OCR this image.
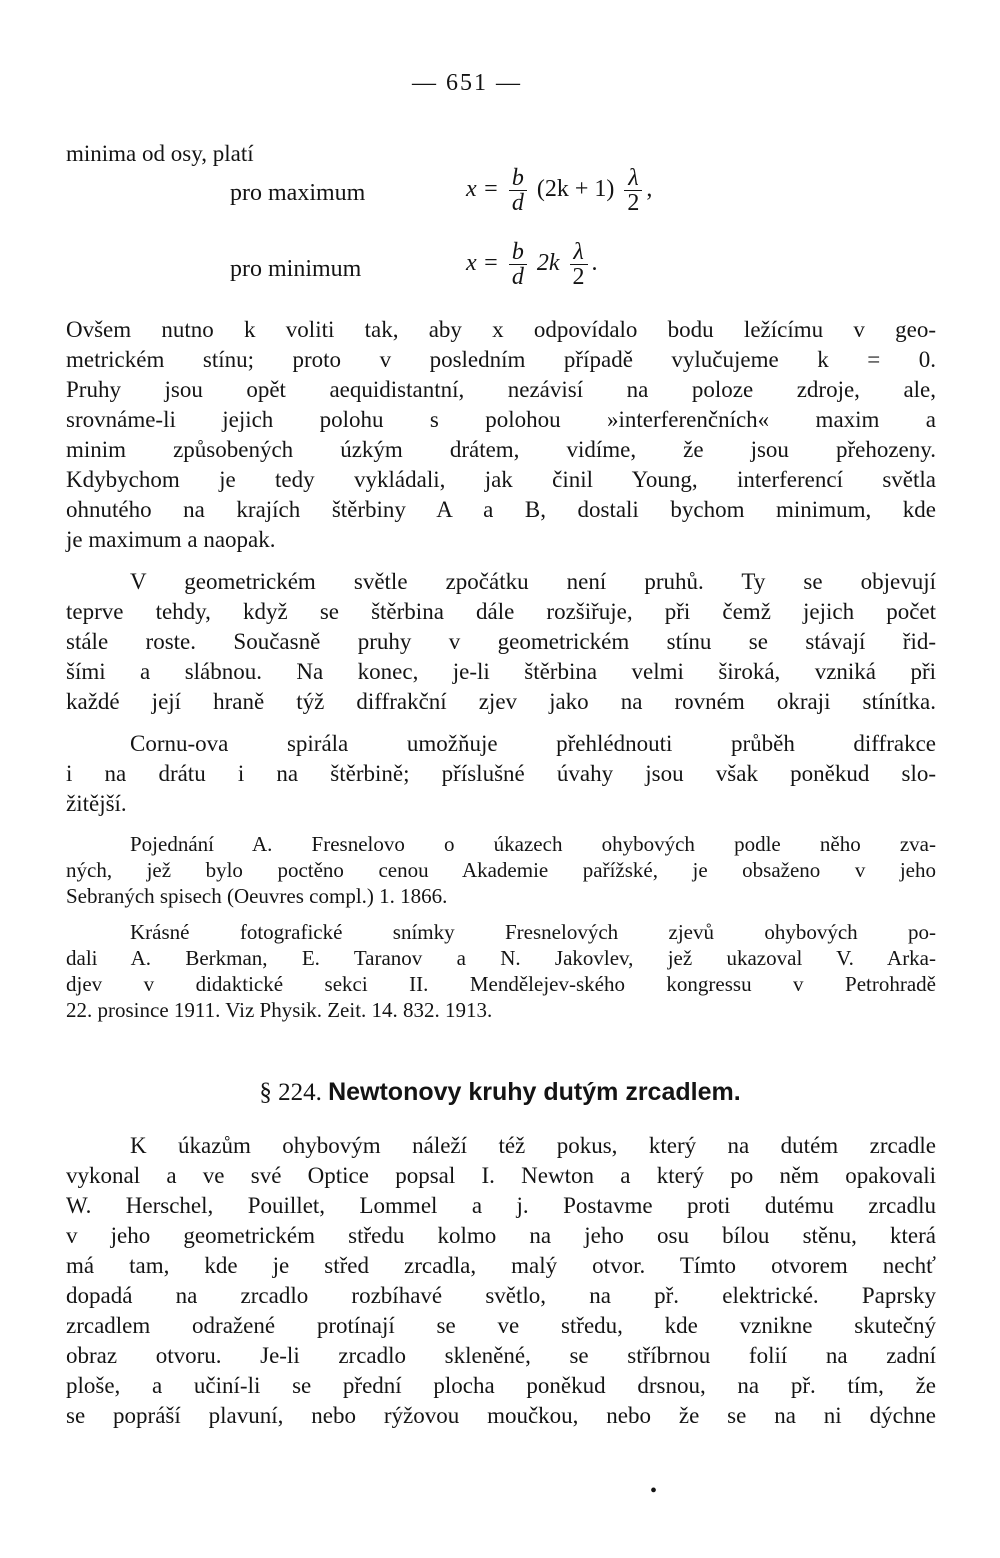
— 651 —
minima od osy, platí
pro maximum	$x = \frac{b}{d} (2k + 1) \frac{\lambda}{2}$ ,
pro minimum	$x = \frac{b}{d} 2k \frac{\lambda}{2}$ .
Ovšem nutno k voliti tak, aby x odpovídalo bodu ležícímu v geo-
metrickém stínu; proto v posledním případě vylučujeme k = 0.
Pruhy jsou opět aequidistantní, nezávisí na poloze zdroje, ale,
srovnáme-li jejich polohu s polohou »interferenčních« maxim a
minim způsobených úzkým drátem, vidíme, že jsou přehozeny.
Kdybychom je tedy vykládali, jak činil Young, interferencí světla
ohnutého na krajích štěrbiny A a B, dostali bychom minimum, kde
je maximum a naopak.
V geometrickém světle zpočátku není pruhů. Ty se objevují
teprve tehdy, když se štěrbina dále rozšiřuje, při čemž jejich počet
stále roste. Současně pruhy v geometrickém stínu se stávají řid-
šími a slábnou. Na konec, je-li štěrbina velmi široká, vzniká při
každé její hraně týž diffrakční zjev jako na rovném okraji stínítka.
Cornu-ova spirála umožňuje přehlédnouti průběh diffrakce
i na drátu i na štěrbině; příslušné úvahy jsou však poněkud slo-
žitější.
Pojednání A. Fresnelovo o úkazech ohybových podle něho zva-
ných, jež bylo poctěno cenou Akademie pařížské, je obsaženo v jeho
Sebraných spisech (Oeuvres compl.) 1. 1866.
Krásné fotografické snímky Fresnelových zjevů ohybových po-
dali A. Berkman, E. Taranov a N. Jakovlev, jež ukazoval V. Arka-
djev v didaktické sekci II. Mendělejev-ského kongressu v Petrohradě
22. prosince 1911. Viz Physik. Zeit. 14. 832. 1913.
§ 224. Newtonovy kruhy dutým zrcadlem.
K úkazům ohybovým náleží též pokus, který na dutém zrcadle
vykonal a ve své Optice popsal I. Newton a který po něm opakovali
W. Herschel, Pouillet, Lommel a j. Postavme proti dutému zrcadlu
v jeho geometrickém středu kolmo na jeho osu bílou stěnu, která
má tam, kde je střed zrcadla, malý otvor. Tímto otvorem nechť
dopadá na zrcadlo rozbíhavé světlo, na př. elektrické. Paprsky
zrcadlem odražené protínají se ve středu, kde vznikne skutečný
obraz otvoru. Je-li zrcadlo skleněné, se stříbrnou folií na zadní
ploše, a učiní-li se přední plocha poněkud drsnou, na př. tím, že
se popráší plavuní, nebo rýžovou moučkou, nebo že se na ni dýchne
•
